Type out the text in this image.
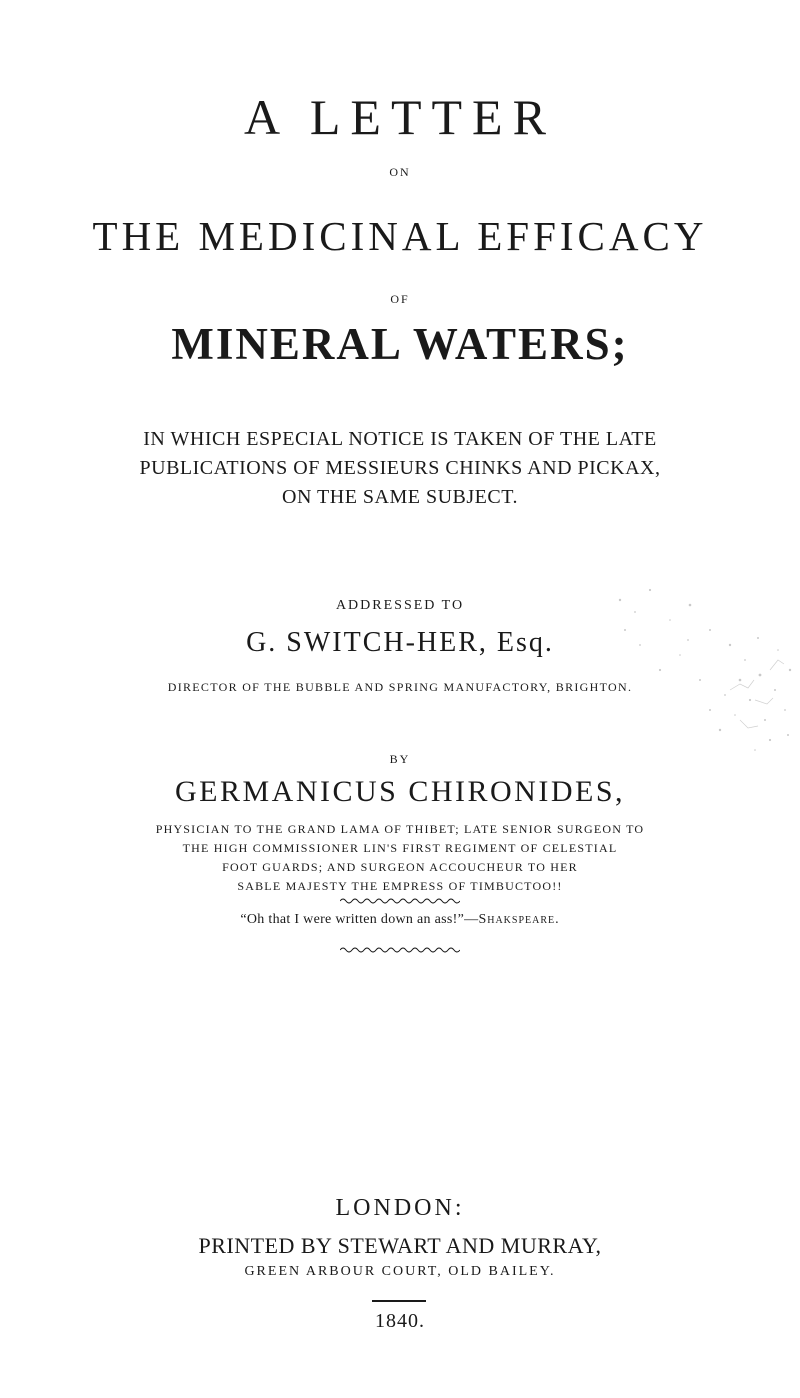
A LETTER
ON
THE MEDICINAL EFFICACY
OF
MINERAL WATERS;
IN WHICH ESPECIAL NOTICE IS TAKEN OF THE LATE
PUBLICATIONS OF MESSIEURS CHINKS AND PICKAX,
ON THE SAME SUBJECT.
ADDRESSED TO
G. SWITCH-HER, Esq.
DIRECTOR OF THE BUBBLE AND SPRING MANUFACTORY, BRIGHTON.
BY
GERMANICUS CHIRONIDES,
PHYSICIAN TO THE GRAND LAMA OF THIBET; LATE SENIOR SURGEON TO
THE HIGH COMMISSIONER LIN'S FIRST REGIMENT OF CELESTIAL
FOOT GUARDS; AND SURGEON ACCOUCHEUR TO HER
SABLE MAJESTY THE EMPRESS OF TIMBUCTOO!!
“Oh that I were written down an ass!”—Shakspeare.
LONDON:
PRINTED BY STEWART AND MURRAY,
GREEN ARBOUR COURT, OLD BAILEY.
1840.
